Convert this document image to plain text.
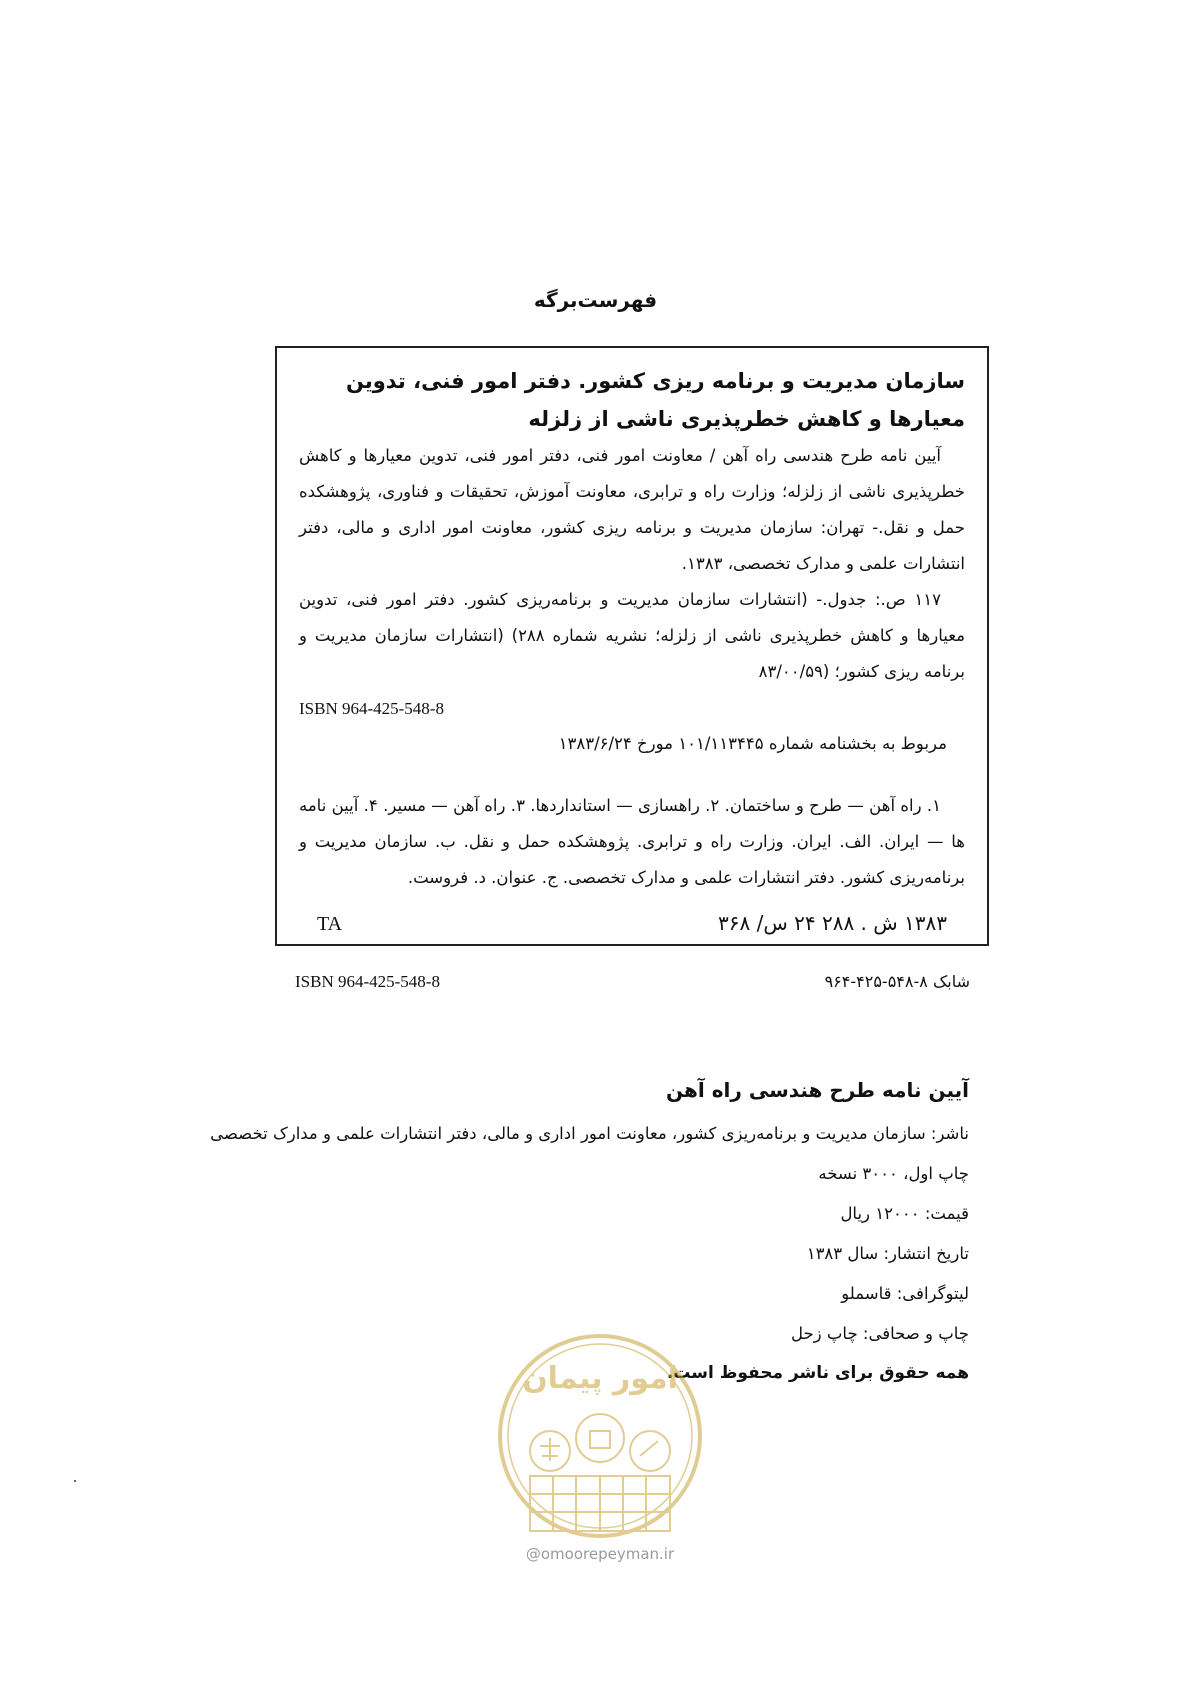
فهرست‌برگه

سازمان مدیریت و برنامه ریزی کشور. دفتر امور فنی، تدوین معیارها و کاهش خطرپذیری ناشی از زلزله

آیین نامه طرح هندسی راه آهن / معاونت امور فنی، دفتر امور فنی، تدوین معیارها و کاهش خطرپذیری ناشی از زلزله؛ وزارت راه و ترابری، معاونت آموزش، تحقیقات و فناوری، پژوهشکده حمل و نقل.- تهران: سازمان مدیریت و برنامه ریزی کشور، معاونت امور اداری و مالی، دفتر انتشارات علمی و مدارک تخصصی، ۱۳۸۳.

۱۱۷ ص.: جدول.- (انتشارات سازمان مدیریت و برنامه‌ریزی کشور. دفتر امور فنی، تدوین معیارها و کاهش خطرپذیری ناشی از زلزله؛ نشریه شماره ۲۸۸) (انتشارات سازمان مدیریت و برنامه ریزی کشور؛ (۸۳/۰۰/۵۹

ISBN 964-425-548-8

مربوط به بخشنامه شماره ۱۰۱/۱۱۳۴۴۵ مورخ ۱۳۸۳/۶/۲۴

۱. راه آهن — طرح و ساختمان. ۲. راهسازی — استانداردها. ۳. راه آهن — مسیر. ۴. آیین نامه ها — ایران. الف. ایران. وزارت راه و ترابری. پژوهشکده حمل و نقل. ب. سازمان مدیریت و برنامه‌ریزی کشور. دفتر انتشارات علمی و مدارک تخصصی. ج. عنوان. د. فروست.

۱۳۸۳ ش . ۲۸۸ ۲۴ س/ ۳۶۸
TA
شابک ۸-۵۴۸-۴۲۵-۹۶۴
ISBN 964-425-548-8

آیین نامه طرح هندسی راه آهن

ناشر: سازمان مدیریت و برنامه‌ریزی کشور، معاونت امور اداری و مالی، دفتر انتشارات علمی و مدارک تخصصی

چاپ اول، ۳۰۰۰ نسخه

قیمت: ۱۲۰۰۰ ریال

تاریخ انتشار: سال ۱۳۸۳

لیتوگرافی: قاسملو

چاپ و صحافی: چاپ زحل

همه حقوق برای ناشر محفوظ است.

امور پیمان
@omoorepeyman.ir
